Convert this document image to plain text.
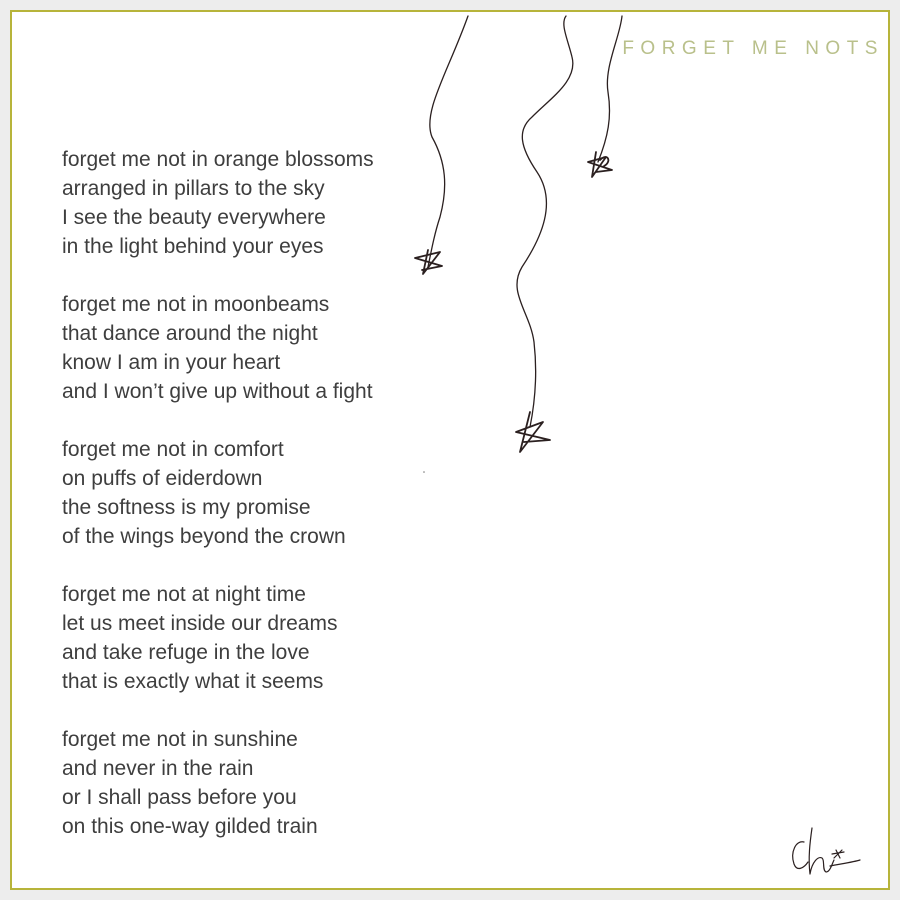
FORGET ME NOTS
forget me not in orange blossoms
arranged in pillars to the sky
I see the beauty everywhere
in the light behind your eyes
forget me not in moonbeams
that dance around the night
know I am in your heart
and I won’t give up without a fight
forget me not in comfort
on puffs of eiderdown
the softness is my promise
of the wings beyond the crown
forget me not at night time
let us meet inside our dreams
and take refuge in the love
that is exactly what it seems
forget me not in sunshine
and never in the rain
or I shall pass before you
on this one-way gilded train
